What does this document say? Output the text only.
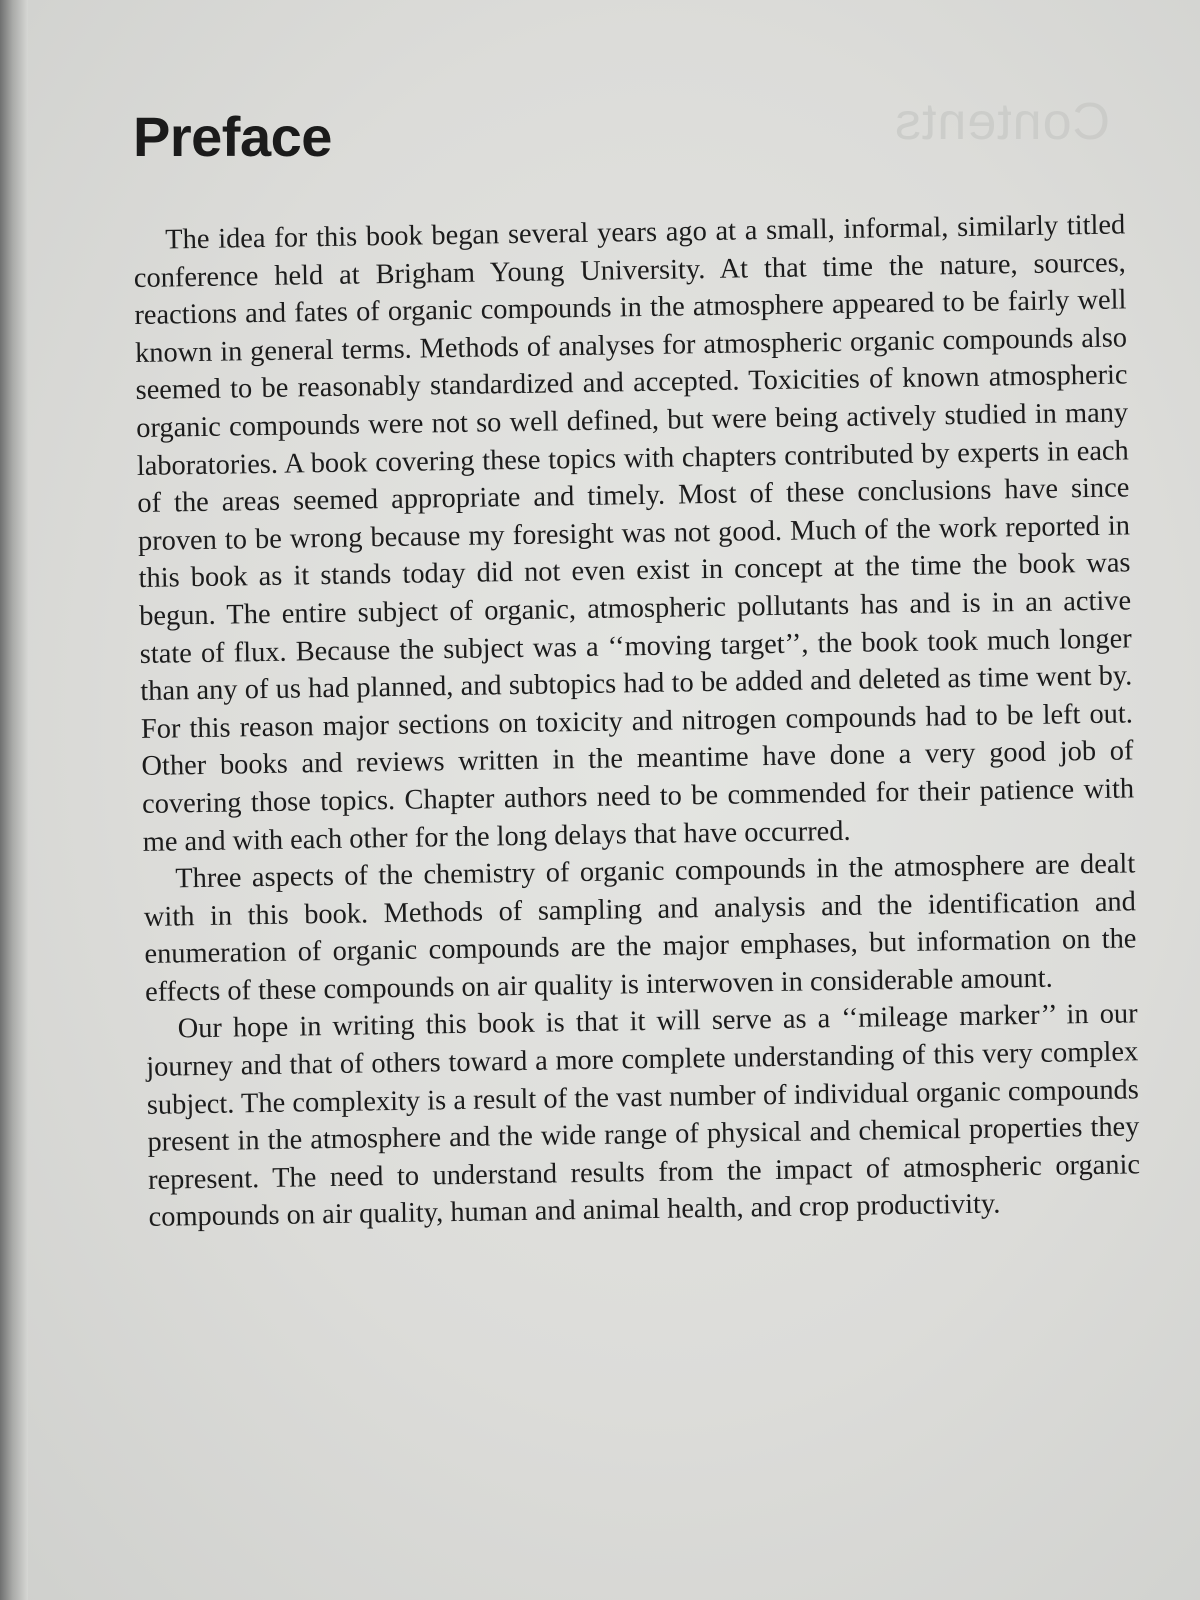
Contents
Preface

The idea for this book began several years ago at a small, informal, similarly titled conference held at Brigham Young University. At that time the nature, sources, reactions and fates of organic compounds in the atmosphere appeared to be fairly well known in general terms. Methods of analyses for atmospheric organic compounds also seemed to be reasonably standardized and accepted. Toxicities of known atmospheric organic compounds were not so well defined, but were being actively studied in many laboratories. A book covering these topics with chapters contributed by experts in each of the areas seemed appropriate and timely. Most of these conclusions have since proven to be wrong because my foresight was not good. Much of the work reported in this book as it stands today did not even exist in concept at the time the book was begun. The entire subject of organic, atmospheric pollutants has and is in an active state of flux. Because the subject was a ‘‘moving target’’, the book took much longer than any of us had planned, and subtopics had to be added and deleted as time went by. For this reason major sections on toxicity and nitrogen compounds had to be left out. Other books and reviews written in the meantime have done a very good job of covering those topics. Chapter authors need to be commended for their patience with me and with each other for the long delays that have occurred.

Three aspects of the chemistry of organic compounds in the atmosphere are dealt with in this book. Methods of sampling and analysis and the identification and enumeration of organic compounds are the major emphases, but information on the effects of these compounds on air quality is interwoven in considerable amount.

Our hope in writing this book is that it will serve as a ‘‘mileage marker’’ in our journey and that of others toward a more complete understanding of this very complex subject. The complexity is a result of the vast number of individual organic compounds present in the atmosphere and the wide range of physical and chemical properties they represent. The need to understand results from the impact of atmospheric organic compounds on air quality, human and animal health, and crop productivity.
